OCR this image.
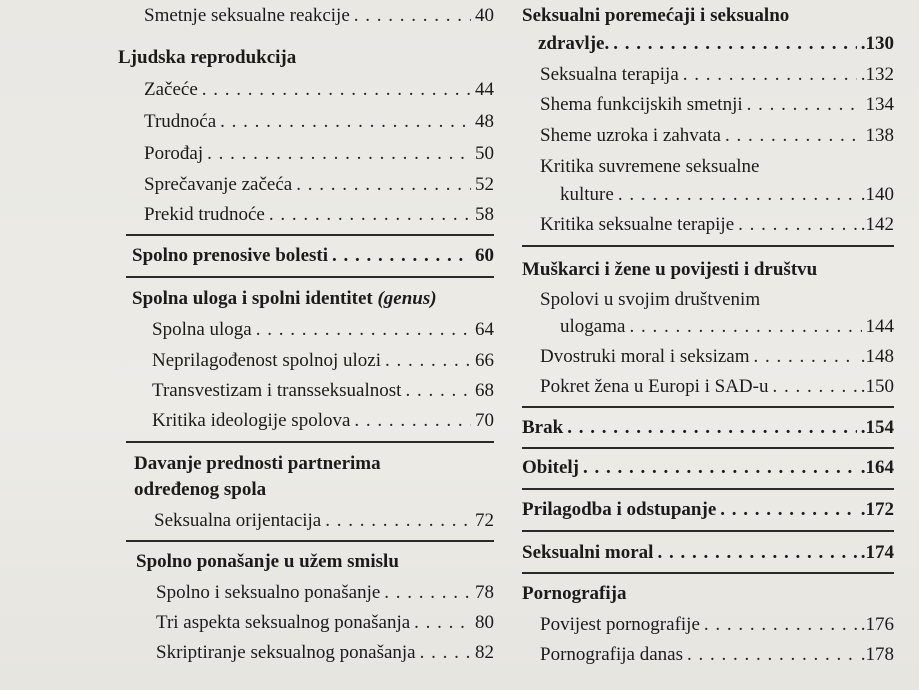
Smetnje seksualne reakcije . . .	40
Ljudska reprodukcija
Začeće . . .	44
Trudnoća . . .	48
Porođaj . . .	50
Sprečavanje začeća . . .	52
Prekid trudnoće . . .	58
Spolno prenosive bolesti . . .	60
Spolna uloga i spolni identitet (genus)
Spolna uloga . . .	64
Neprilagođenost spolnoj ulozi . . .	66
Transvestizam i transseksualnost . . .	68
Kritika ideologije spolova . . .	70
Davanje prednosti partnerima
određenog spola
Seksualna orijentacija . . .	72
Spolno ponašanje u užem smislu
Spolno i seksualno ponašanje . . .	78
Tri aspekta seksualnog ponašanja . . .	80
Skriptiranje seksualnog ponašanja . . .	82
Seksualni poremećaji i seksualno
zdravlje. . . .	.130
Seksualna terapija . . .	.132
Shema funkcijskih smetnji . . .	134
Sheme uzroka i zahvata . . .	138
Kritika suvremene seksualne
kulture . . .	.140
Kritika seksualne terapije . . .	.142
Muškarci i žene u povijesti i društvu
Spolovi u svojim društvenim
ulogama . . .	144
Dvostruki moral i seksizam . . .	.148
Pokret žena u Europi i SAD-u . . .	.150
Brak . . .	.154
Obitelj . . .	.164
Prilagodba i odstupanje . . .	.172
Seksualni moral . . .	.174
Pornografija
Povijest pornografije . . .	.176
Pornografija danas . . .	.178
